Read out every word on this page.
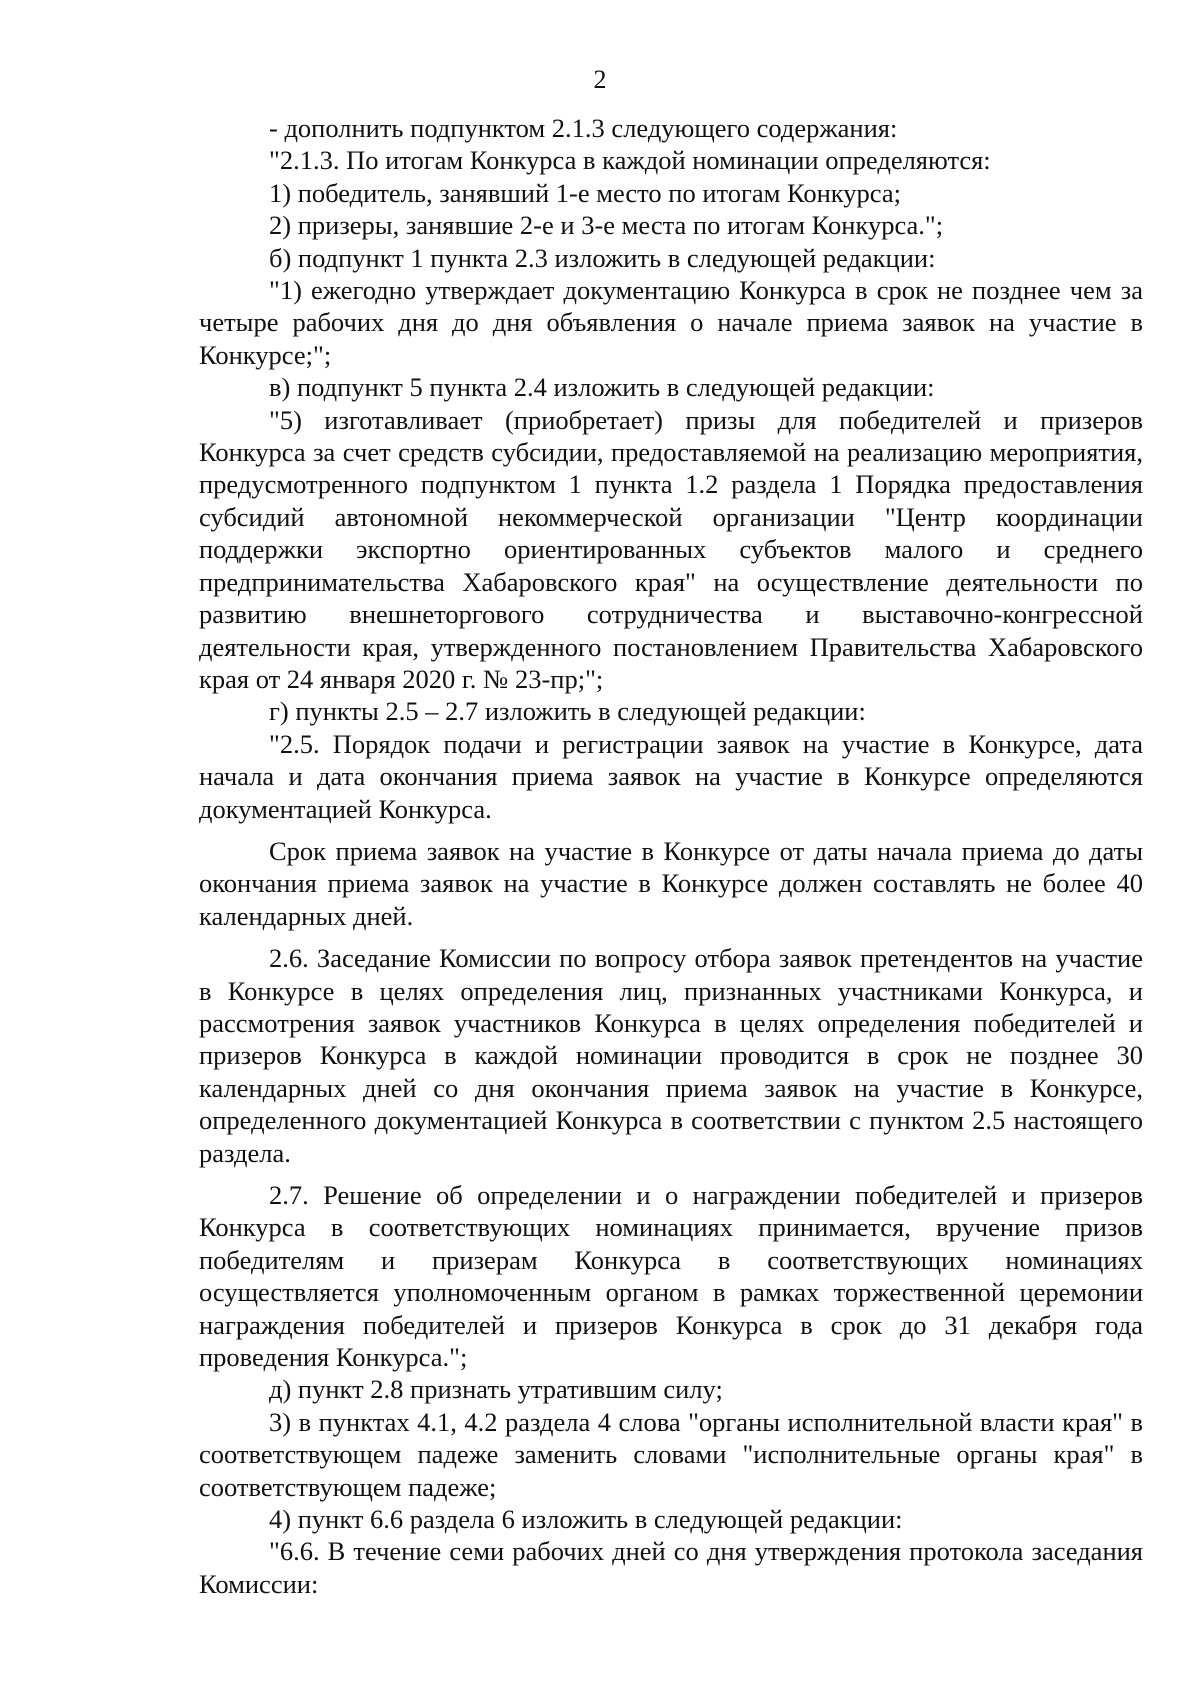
2

- дополнить подпунктом 2.1.3 следующего содержания:

"2.1.3. По итогам Конкурса в каждой номинации определяются:

1) победитель, занявший 1-е место по итогам Конкурса;

2) призеры, занявшие 2-е и 3-е места по итогам Конкурса.";

б) подпункт 1 пункта 2.3 изложить в следующей редакции:

"1) ежегодно утверждает документацию Конкурса в срок не позднее чем за четыре рабочих дня до дня объявления о начале приема заявок на участие в Конкурсе;";

в) подпункт 5 пункта 2.4 изложить в следующей редакции:

"5) изготавливает (приобретает) призы для победителей и призеров Конкурса за счет средств субсидии, предоставляемой на реализацию мероприятия, предусмотренного подпунктом 1 пункта 1.2 раздела 1 Порядка предоставления субсидий автономной некоммерческой организации "Центр координации поддержки экспортно ориентированных субъектов малого и среднего предпринимательства Хабаровского края" на осуществление деятельности по развитию внешнеторгового сотрудничества и выставочно-конгрессной деятельности края, утвержденного постановлением Правительства Хабаровского края от 24 января 2020 г. № 23-пр;";

г) пункты 2.5 – 2.7 изложить в следующей редакции:

"2.5. Порядок подачи и регистрации заявок на участие в Конкурсе, дата начала и дата окончания приема заявок на участие в Конкурсе определяются документацией Конкурса.

Срок приема заявок на участие в Конкурсе от даты начала приема до даты окончания приема заявок на участие в Конкурсе должен составлять не более 40 календарных дней.

2.6. Заседание Комиссии по вопросу отбора заявок претендентов на участие в Конкурсе в целях определения лиц, признанных участниками Конкурса, и рассмотрения заявок участников Конкурса в целях определения победителей и призеров Конкурса в каждой номинации проводится в срок не позднее 30 календарных дней со дня окончания приема заявок на участие в Конкурсе, определенного документацией Конкурса в соответствии с пунктом 2.5 настоящего раздела.

2.7. Решение об определении и о награждении победителей и призеров Конкурса в соответствующих номинациях принимается, вручение призов победителям и призерам Конкурса в соответствующих номинациях осуществляется уполномоченным органом в рамках торжественной церемонии награждения победителей и призеров Конкурса в срок до 31 декабря года проведения Конкурса.";

д) пункт 2.8 признать утратившим силу;

3) в пунктах 4.1, 4.2 раздела 4 слова "органы исполнительной власти края" в соответствующем падеже заменить словами "исполнительные органы края" в соответствующем падеже;

4) пункт 6.6 раздела 6 изложить в следующей редакции:

"6.6. В течение семи рабочих дней со дня утверждения протокола заседания Комиссии:
